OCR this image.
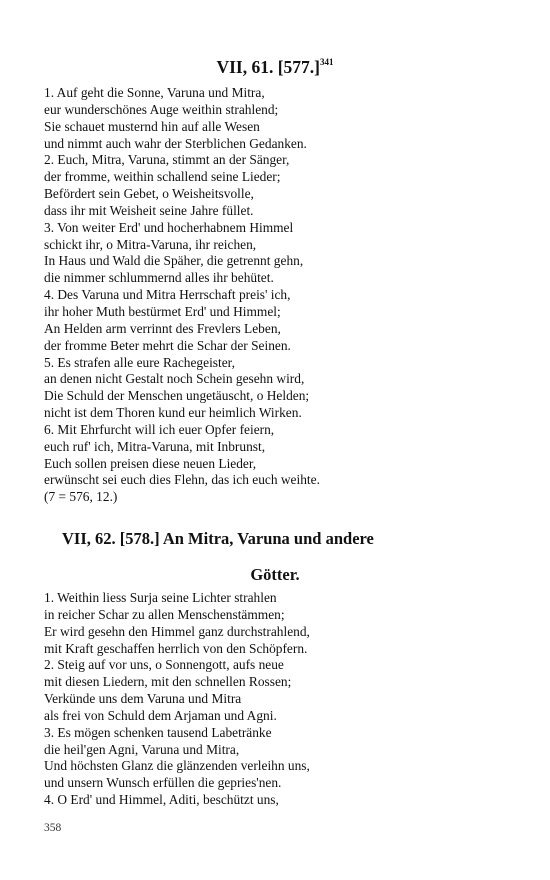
VII, 61. $[577.]^{341}$
1. Auf geht die Sonne, Varuna und Mitra,
eur wunderschönes Auge weithin strahlend;
Sie schauet musternd hin auf alle Wesen
und nimmt auch wahr der Sterblichen Gedanken.
2. Euch, Mitra, Varuna, stimmt an der Sänger,
der fromme, weithin schallend seine Lieder;
Befördert sein Gebet, o Weisheitsvolle,
dass ihr mit Weisheit seine Jahre füllet.
3. Von weiter Erd' und hocherhabnem Himmel
schickt ihr, o Mitra-Varuna, ihr reichen,
In Haus und Wald die Späher, die getrennt gehn,
die nimmer schlummernd alles ihr behütet.
4. Des Varuna und Mitra Herrschaft preis' ich,
ihr hoher Muth bestürmet Erd' und Himmel;
An Helden arm verrinnt des Frevlers Leben,
der fromme Beter mehrt die Schar der Seinen.
5. Es strafen alle eure Rachegeister,
an denen nicht Gestalt noch Schein gesehn wird,
Die Schuld der Menschen ungetäuscht, o Helden;
nicht ist dem Thoren kund eur heimlich Wirken.
6. Mit Ehrfurcht will ich euer Opfer feiern,
euch ruf' ich, Mitra-Varuna, mit Inbrunst,
Euch sollen preisen diese neuen Lieder,
erwünscht sei euch dies Flehn, das ich euch weihte.
(7 = 576, 12.)
VII, 62. [578.] An Mitra, Varuna und andere
Götter.
1. Weithin liess Surja seine Lichter strahlen
in reicher Schar zu allen Menschenstämmen;
Er wird gesehn den Himmel ganz durchstrahlend,
mit Kraft geschaffen herrlich von den Schöpfern.
2. Steig auf vor uns, o Sonnengott, aufs neue
mit diesen Liedern, mit den schnellen Rossen;
Verkünde uns dem Varuna und Mitra
als frei von Schuld dem Arjaman und Agni.
3. Es mögen schenken tausend Labetränke
die heil'gen Agni, Varuna und Mitra,
Und höchsten Glanz die glänzenden verleihn uns,
und unsern Wunsch erfüllen die gepries'nen.
4. O Erd' und Himmel, Aditi, beschützt uns,
358
